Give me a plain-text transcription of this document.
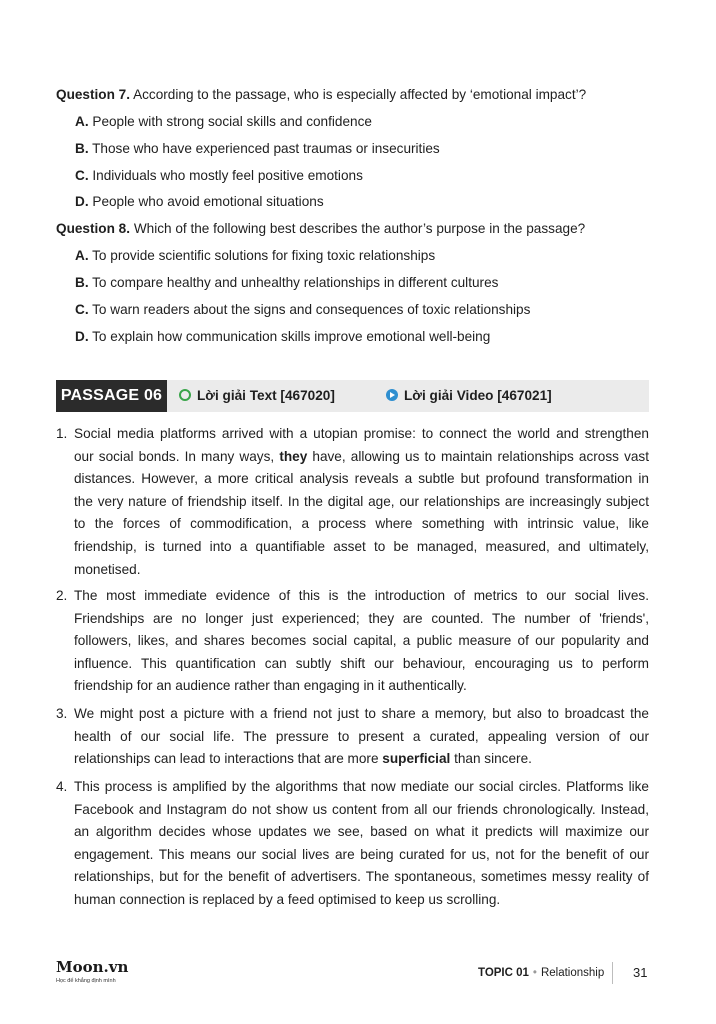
Question 7. According to the passage, who is especially affected by ‘emotional impact’?
A. People with strong social skills and confidence
B. Those who have experienced past traumas or insecurities
C. Individuals who mostly feel positive emotions
D. People who avoid emotional situations
Question 8. Which of the following best describes the author’s purpose in the passage?
A. To provide scientific solutions for fixing toxic relationships
B. To compare healthy and unhealthy relationships in different cultures
C. To warn readers about the signs and consequences of toxic relationships
D. To explain how communication skills improve emotional well-being
PASSAGE 06	Lời giải Text [467020]	Lời giải Video [467021]
1. Social media platforms arrived with a utopian promise: to connect the world and strengthen
our social bonds. In many ways, they have, allowing us to maintain relationships across vast
distances. However, a more critical analysis reveals a subtle but profound transformation in
the very nature of friendship itself. In the digital age, our relationships are increasingly subject
to the forces of commodification, a process where something with intrinsic value, like
friendship, is turned into a quantifiable asset to be managed, measured, and ultimately,
monetised.
2. The most immediate evidence of this is the introduction of metrics to our social lives.
Friendships are no longer just experienced; they are counted. The number of 'friends',
followers, likes, and shares becomes social capital, a public measure of our popularity and
influence. This quantification can subtly shift our behaviour, encouraging us to perform
friendship for an audience rather than engaging in it authentically.
3. We might post a picture with a friend not just to share a memory, but also to broadcast the
health of our social life. The pressure to present a curated, appealing version of our
relationships can lead to interactions that are more superficial than sincere.
4. This process is amplified by the algorithms that now mediate our social circles. Platforms like
Facebook and Instagram do not show us content from all our friends chronologically. Instead,
an algorithm decides whose updates we see, based on what it predicts will maximize our
engagement. This means our social lives are being curated for us, not for the benefit of our
relationships, but for the benefit of advertisers. The spontaneous, sometimes messy reality of
human connection is replaced by a feed optimised to keep us scrolling.
Moon.vn
Học để khẳng định mình
TOPIC 01 • Relationship 31
